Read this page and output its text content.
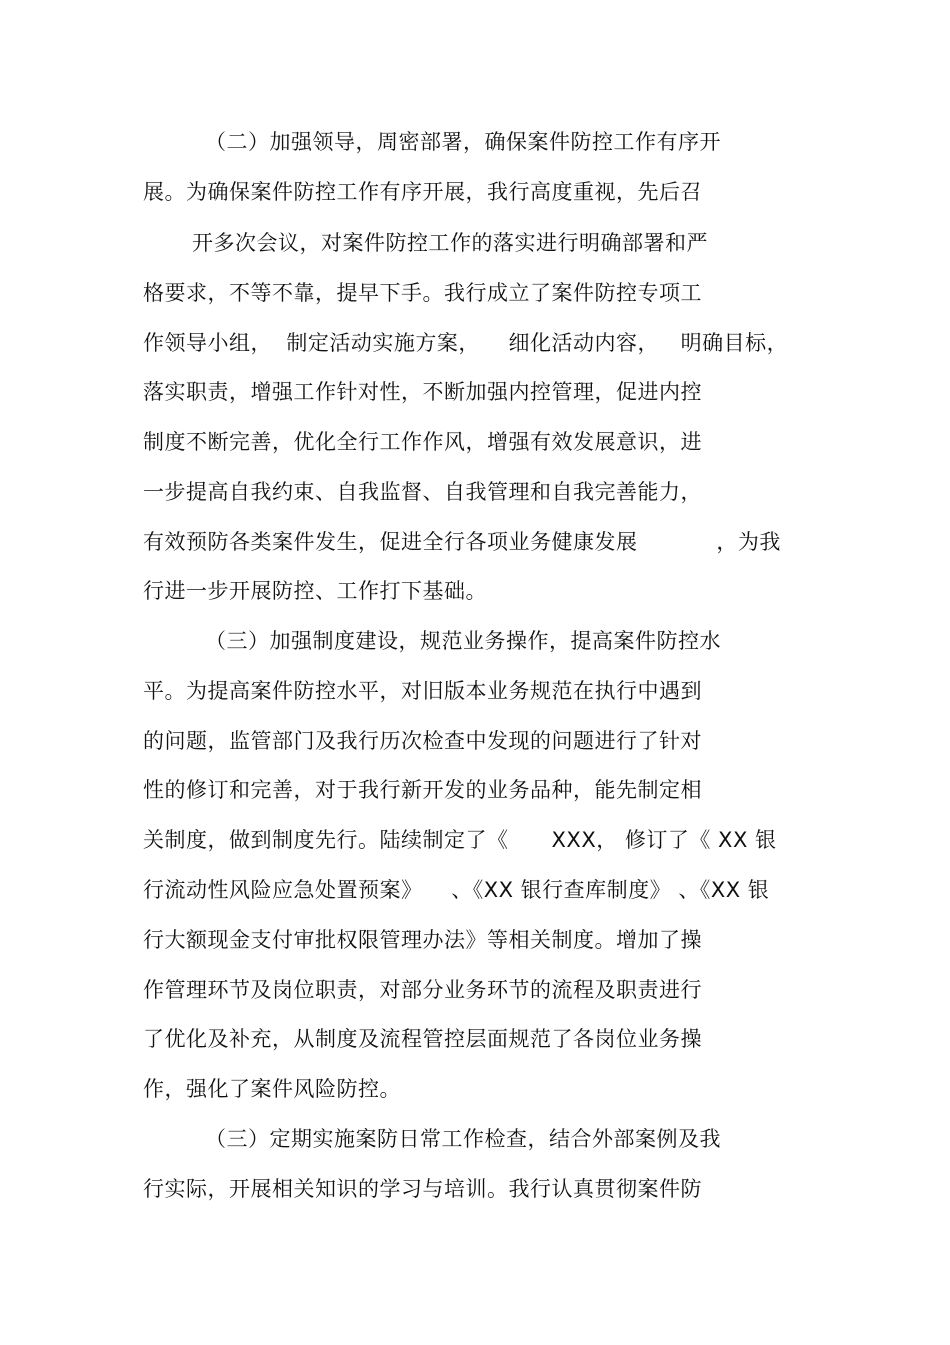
（二）加强领导，周密部署，确保案件防控工作有序开
展。为确保案件防控工作有序开展，我行高度重视，先后召
开多次会议，对案件防控工作的落实进行明确部署和严
格要求，不等不靠，提早下手。我行成立了案件防控专项工
作领导小组，  制定活动实施方案，    细化活动内容，   明确目标，
落实职责，增强工作针对性，不断加强内控管理，促进内控
制度不断完善，优化全行工作作风，增强有效发展意识，进
一步提高自我约束、自我监督、自我管理和自我完善能力，
有效预防各类案件发生，促进全行各项业务健康发展           ，为我
行进一步开展防控、工作打下基础。
（三）加强制度建设，规范业务操作，提高案件防控水
平。为提高案件防控水平，对旧版本业务规范在执行中遇到
的问题，监管部门及我行历次检查中发现的问题进行了针对
性的修订和完善，对于我行新开发的业务品种，能先制定相
关制度，做到制度先行。陆续制定了《      XXX， 修订了《 XX 银
行流动性风险应急处置预案》    、《XX 银行查库制度》 、《XX 银
行大额现金支付审批权限管理办法》等相关制度。增加了操
作管理环节及岗位职责，对部分业务环节的流程及职责进行
了优化及补充，从制度及流程管控层面规范了各岗位业务操
作，强化了案件风险防控。
（三）定期实施案防日常工作检查，结合外部案例及我
行实际，开展相关知识的学习与培训。我行认真贯彻案件防
